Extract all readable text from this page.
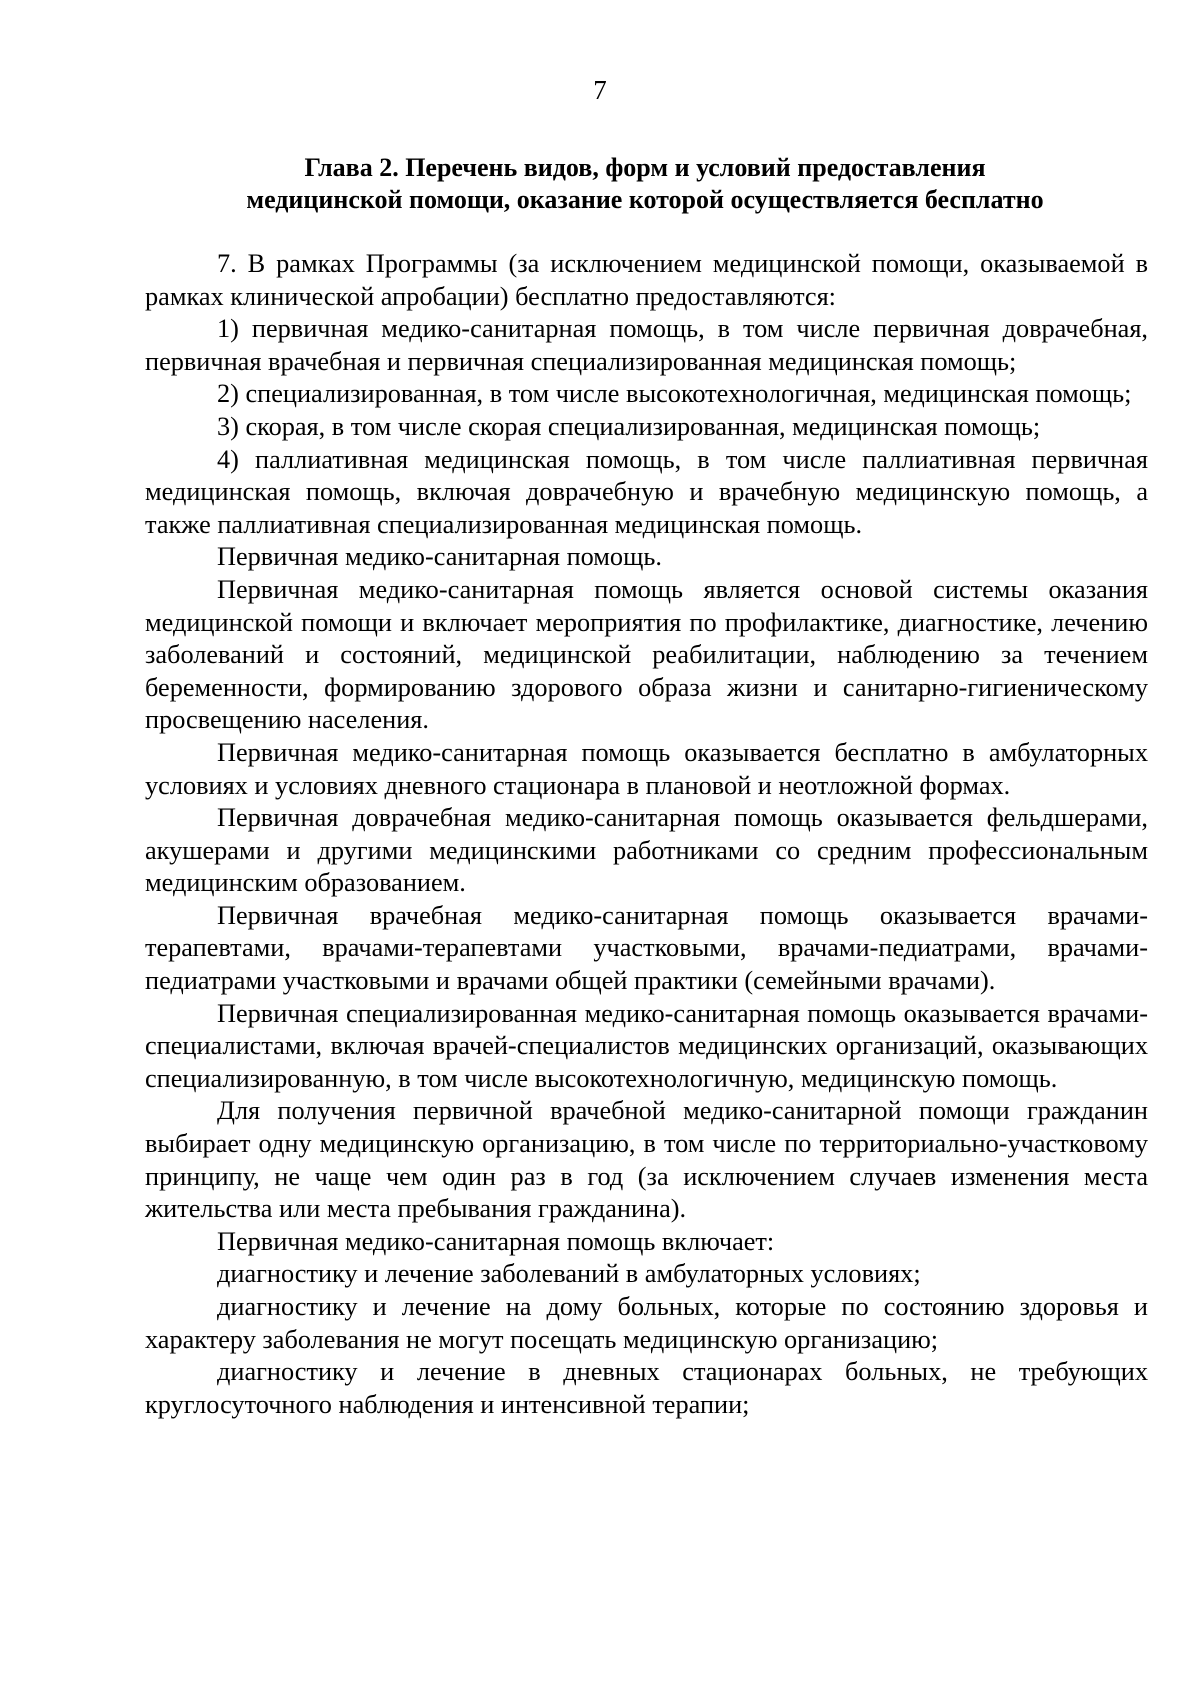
7
Глава 2. Перечень видов, форм и условий предоставления
медицинской помощи, оказание которой осуществляется бесплатно

7. В рамках Программы (за исключением медицинской помощи, оказываемой в рамках клинической апробации) бесплатно предоставляются:

1) первичная медико-санитарная помощь, в том числе первичная доврачебная, первичная врачебная и первичная специализированная медицинская помощь;

2) специализированная, в том числе высокотехнологичная, медицинская помощь;

3) скорая, в том числе скорая специализированная, медицинская помощь;

4) паллиативная медицинская помощь, в том числе паллиативная первичная медицинская помощь, включая доврачебную и врачебную медицинскую помощь, а также паллиативная специализированная медицинская помощь.

Первичная медико-санитарная помощь.

Первичная медико-санитарная помощь является основой системы оказания медицинской помощи и включает мероприятия по профилактике, диагностике, лечению заболеваний и состояний, медицинской реабилитации, наблюдению за течением беременности, формированию здорового образа жизни и санитарно-гигиеническому просвещению населения.

Первичная медико-санитарная помощь оказывается бесплатно в амбулаторных условиях и условиях дневного стационара в плановой и неотложной формах.

Первичная доврачебная медико-санитарная помощь оказывается фельдшерами, акушерами и другими медицинскими работниками со средним профессиональным медицинским образованием.

Первичная врачебная медико-санитарная помощь оказывается врачами-терапевтами, врачами-терапевтами участковыми, врачами-педиатрами, врачами-педиатрами участковыми и врачами общей практики (семейными врачами).

Первичная специализированная медико-санитарная помощь оказывается врачами-специалистами, включая врачей-специалистов медицинских организаций, оказывающих специализированную, в том числе высокотехнологичную, медицинскую помощь.

Для получения первичной врачебной медико-санитарной помощи гражданин выбирает одну медицинскую организацию, в том числе по территориально-участковому принципу, не чаще чем один раз в год (за исключением случаев изменения места жительства или места пребывания гражданина).

Первичная медико-санитарная помощь включает:

диагностику и лечение заболеваний в амбулаторных условиях;

диагностику и лечение на дому больных, которые по состоянию здоровья и характеру заболевания не могут посещать медицинскую организацию;

диагностику и лечение в дневных стационарах больных, не требующих круглосуточного наблюдения и интенсивной терапии;
